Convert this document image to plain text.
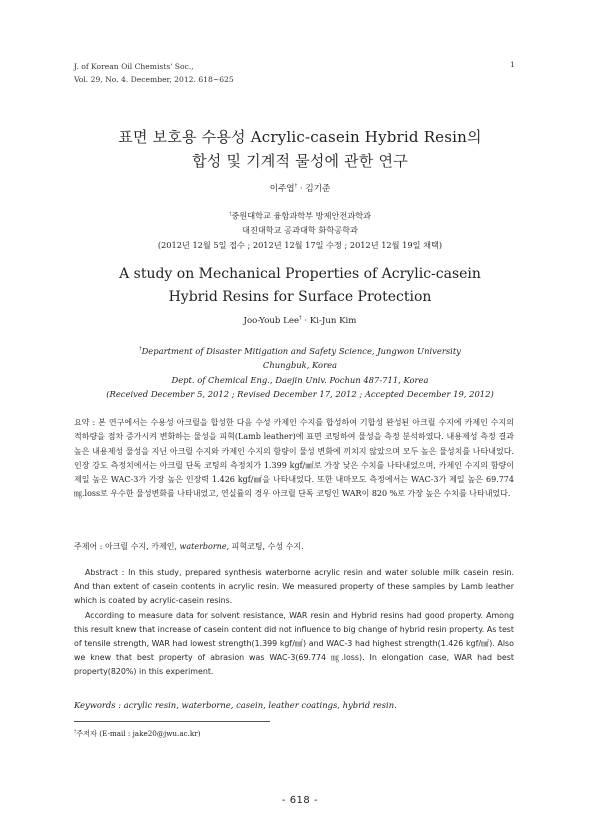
J. of Korean Oil Chemists' Soc.,
Vol. 29, No. 4. December, 2012. 618~625
1
표면 보호용 수용성 Acrylic-casein Hybrid Resin의
합성 및 기계적 물성에 관한 연구
이주엽† · 김기준
†중원대학교 융합과학부 방제안전과학과
대진대학교 공과대학 화학공학과
(2012년 12월 5일 접수 ; 2012년 12월 17일 수정 ; 2012년 12월 19일 채택)
A study on Mechanical Properties of Acrylic-casein
Hybrid Resins for Surface Protection
Joo-Youb Lee† · Ki-Jun Kim
†Department of Disaster Mitigation and Safety Science, Jungwon University
Chungbuk, Korea
Dept. of Chemical Eng., Daejin Univ. Pochun 487-711, Korea
(Received December 5, 2012 ; Revised December 17, 2012 ; Accepted December 19, 2012)
요약 : 본 연구에서는 수용성 아크릴을 합성한 다음 수성 카제인 수지를 합성하여 기합성 완성된 아크릴 수지에 카제인 수지의 적하량을 점차 증가시켜 변화하는 물성을 피혁(Lamb leather)에 표면 코팅하여 물성을 측정 분석하였다. 내용제성 측정 결과 높은 내용제성 물성을 지닌 아크릴 수지와 카제인 수지의 함량이 물성 변화에 끼치지 않았으며 모두 높은 물성치를 나타내었다. 인장 강도 측정치에서는 아크릴 단독 코팅의 측정치가 1.399 kgf/㎟로 가장 낮은 수치를 나타내었으며, 카제인 수지의 함량이 제일 높은 WAC-3가 가장 높은 인장력 1.426 kgf/㎟을 나타내었다. 또한 내마모도 측정에서는 WAC-3가 제일 높은 69.774 ㎎.loss로 우수한 물성변화를 나타내었고, 연실률의 경우 아크릴 단독 코팅인 WAR이 820 %로 가장 높은 수치를 나타내었다.
주제어 : 아크릴 수지, 카제인, waterborne, 피혁코팅, 수성 수지.

Abstract : In this study, prepared synthesis waterborne acrylic resin and water soluble milk casein resin. And than extent of casein contents in acrylic resin. We measured property of these samples by Lamb leather which is coated by acrylic-casein resins.

According to measure data for solvent resistance, WAR resin and Hybrid resins had good property. Among this result knew that increase of casein content did not influence to big change of hybrid resin property. As test of tensile strength, WAR had lowest strength(1.399 kgf/㎟) and WAC-3 had highest strength(1.426 kgf/㎟). Also we knew that best property of abrasion was WAC-3(69.774 ㎎.loss). In elongation case, WAR had best property(820%) in this experiment.

Keywords : acrylic resin, waterborne, casein, leather coatings, hybrid resin.
†주저자 (E-mail : jake20@jwu.ac.kr)
- 618 -
